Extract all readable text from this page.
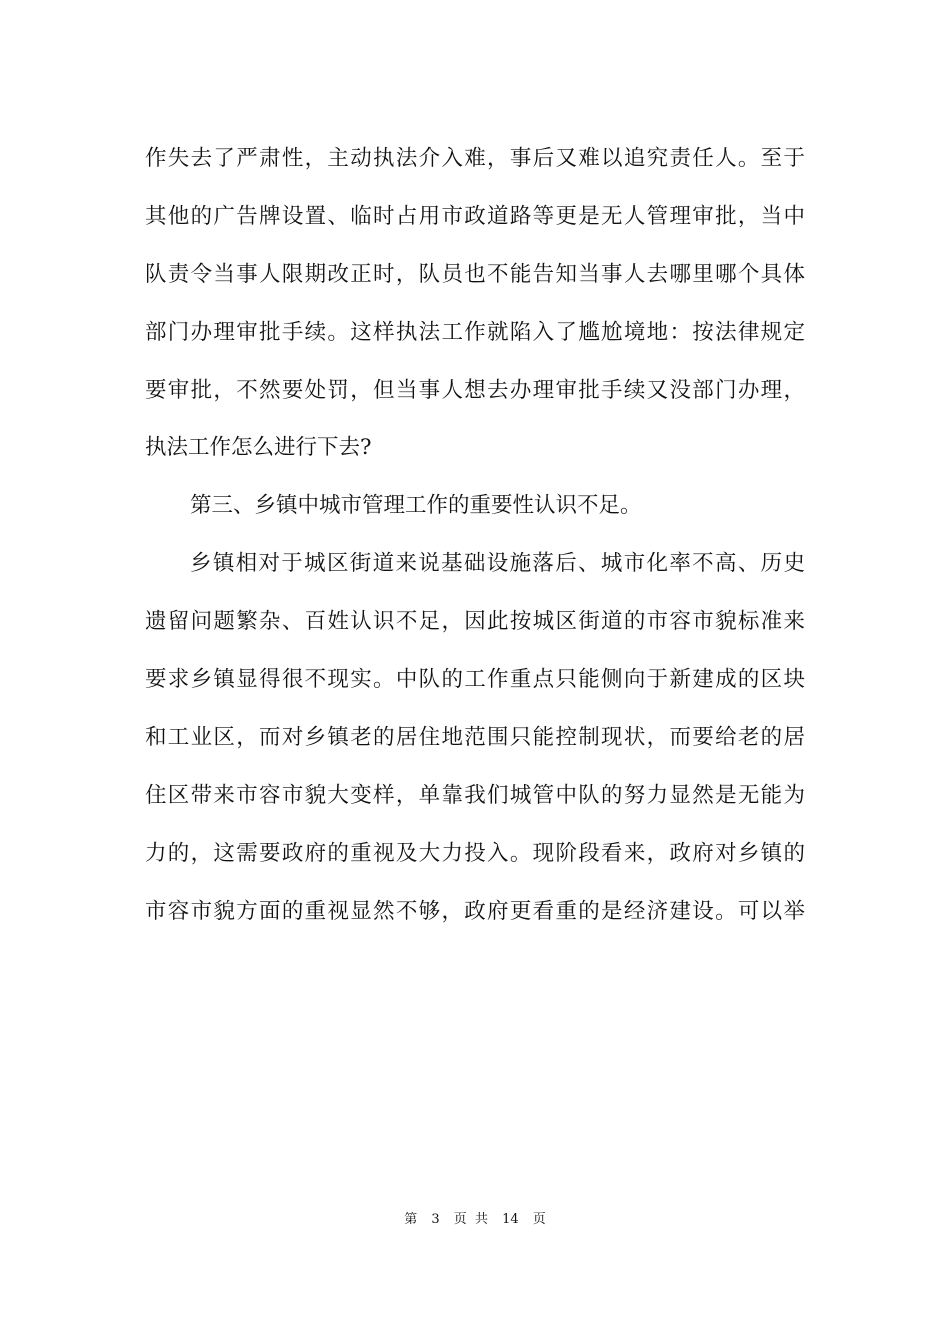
作失去了严肃性，主动执法介入难，事后又难以追究责任人。至于
其他的广告牌设置、临时占用市政道路等更是无人管理审批，当中
队责令当事人限期改正时，队员也不能告知当事人去哪里哪个具体
部门办理审批手续。这样执法工作就陷入了尴尬境地：按法律规定
要审批，不然要处罚，但当事人想去办理审批手续又没部门办理，
执法工作怎么进行下去?
第三、乡镇中城市管理工作的重要性认识不足。
乡镇相对于城区街道来说基础设施落后、城市化率不高、历史
遗留问题繁杂、百姓认识不足，因此按城区街道的市容市貌标准来
要求乡镇显得很不现实。中队的工作重点只能侧向于新建成的区块
和工业区，而对乡镇老的居住地范围只能控制现状，而要给老的居
住区带来市容市貌大变样，单靠我们城管中队的努力显然是无能为
力的，这需要政府的重视及大力投入。现阶段看来，政府对乡镇的
市容市貌方面的重视显然不够，政府更看重的是经济建设。可以举
第 3 页 共 14 页
